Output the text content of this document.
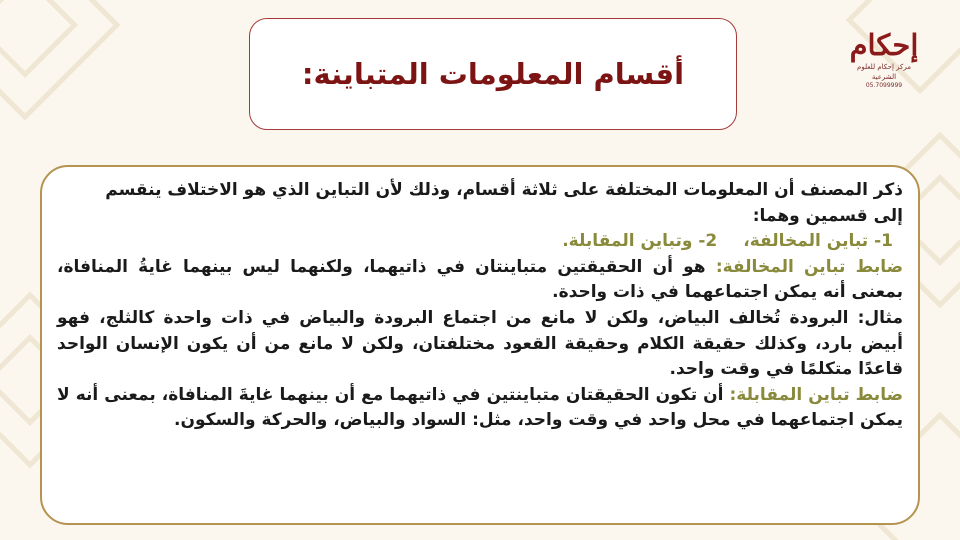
إحكام
مركز إحكام للعلوم الشرعية
05.7099999
أقسام المعلومات المتباينة:

ذكر المصنف أن المعلومات المختلفة على ثلاثة أقسام، وذلك لأن التباين الذي هو الاختلاف ينقسم

إلى قسمين وهما:

1- تباين المخالفة،2- وتباين المقابلة.

ضابط تباين المخالفة: هو أن الحقيقتين متباينتان في ذاتيهما، ولكنهما ليس بينهما غايةُ المنافاة، بمعنى أنه يمكن اجتماعهما في ذات واحدة.

مثال: البرودة تُخالف البياض، ولكن لا مانع من اجتماع البرودة والبياض في ذات واحدة كالثلج، فهو أبيض بارد، وكذلك حقيقة الكلام وحقيقة القعود مختلفتان، ولكن لا مانع من أن يكون الإنسان الواحد قاعدًا متكلمًا في وقت واحد.

ضابط تباين المقابلة: أن تكون الحقيقتان متباينتين في ذاتيهما مع أن بينهما غايةَ المنافاة، بمعنى أنه لا يمكن اجتماعهما في محل واحد في وقت واحد، مثل: السواد والبياض، والحركة والسكون.
